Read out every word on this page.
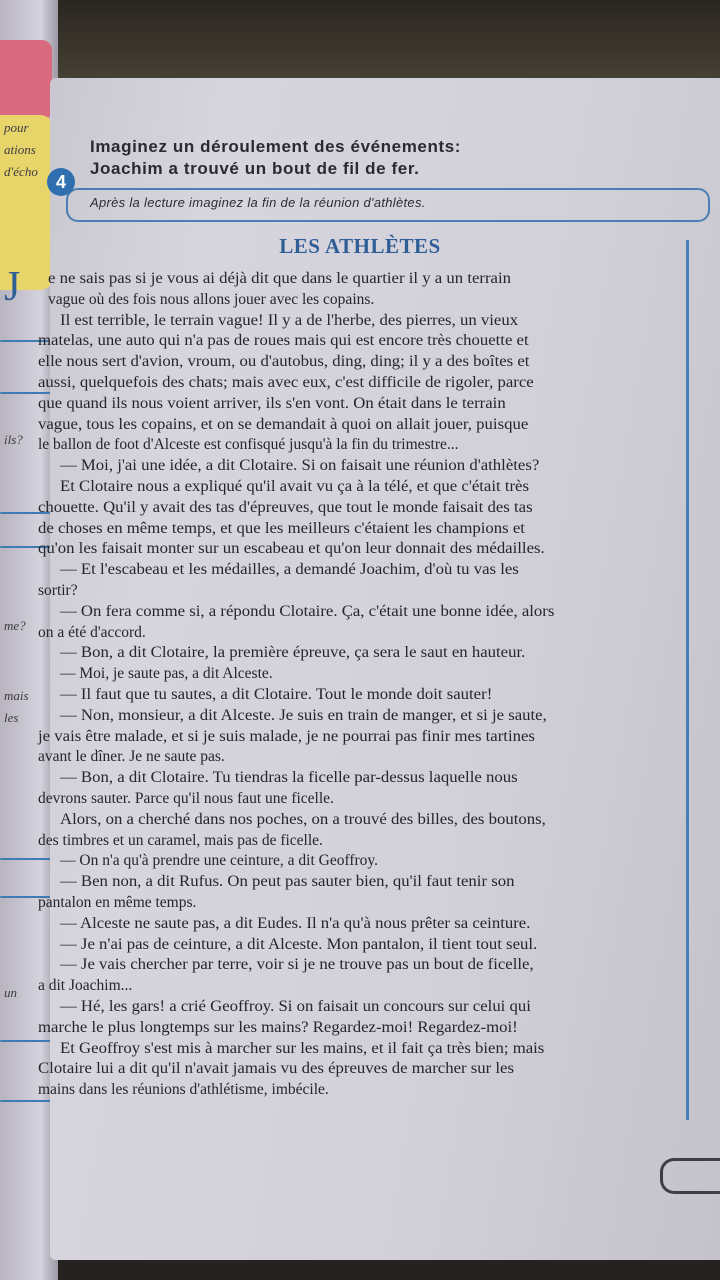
pour
ations
d'écho
ils?
me?
mais
les
un
4
Imaginez un déroulement des événements:
Joachim a trouvé un bout de fil de fer.
Après la lecture imaginez la fin de la réunion d'athlètes.
LES ATHLÈTES
J e ne sais pas si je vous ai déjà dit que dans le quartier il y a un terrain
vague où des fois nous allons jouer avec les copains.
Il est terrible, le terrain vague! Il y a de l'herbe, des pierres, un vieux
matelas, une auto qui n'a pas de roues mais qui est encore très chouette et
elle nous sert d'avion, vroum, ou d'autobus, ding, ding; il y a des boîtes et
aussi, quelquefois des chats; mais avec eux, c'est difficile de rigoler, parce
que quand ils nous voient arriver, ils s'en vont. On était dans le terrain
vague, tous les copains, et on se demandait à quoi on allait jouer, puisque
le ballon de foot d'Alceste est confisqué jusqu'à la fin du trimestre...
— Moi, j'ai une idée, a dit Clotaire. Si on faisait une réunion d'athlètes?
Et Clotaire nous a expliqué qu'il avait vu ça à la télé, et que c'était très
chouette. Qu'il y avait des tas d'épreuves, que tout le monde faisait des tas
de choses en même temps, et que les meilleurs c'étaient les champions et
qu'on les faisait monter sur un escabeau et qu'on leur donnait des médailles.
— Et l'escabeau et les médailles, a demandé Joachim, d'où tu vas les
sortir?
— On fera comme si, a répondu Clotaire. Ça, c'était une bonne idée, alors
on a été d'accord.
— Bon, a dit Clotaire, la première épreuve, ça sera le saut en hauteur.
— Moi, je saute pas, a dit Alceste.
— Il faut que tu sautes, a dit Clotaire. Tout le monde doit sauter!
— Non, monsieur, a dit Alceste. Je suis en train de manger, et si je saute,
je vais être malade, et si je suis malade, je ne pourrai pas finir mes tartines
avant le dîner. Je ne saute pas.
— Bon, a dit Clotaire. Tu tiendras la ficelle par-dessus laquelle nous
devrons sauter. Parce qu'il nous faut une ficelle.
Alors, on a cherché dans nos poches, on a trouvé des billes, des boutons,
des timbres et un caramel, mais pas de ficelle.
— On n'a qu'à prendre une ceinture, a dit Geoffroy.
— Ben non, a dit Rufus. On peut pas sauter bien, qu'il faut tenir son
pantalon en même temps.
— Alceste ne saute pas, a dit Eudes. Il n'a qu'à nous prêter sa ceinture.
— Je n'ai pas de ceinture, a dit Alceste. Mon pantalon, il tient tout seul.
— Je vais chercher par terre, voir si je ne trouve pas un bout de ficelle,
a dit Joachim...
— Hé, les gars! a crié Geoffroy. Si on faisait un concours sur celui qui
marche le plus longtemps sur les mains? Regardez-moi! Regardez-moi!
Et Geoffroy s'est mis à marcher sur les mains, et il fait ça très bien; mais
Clotaire lui a dit qu'il n'avait jamais vu des épreuves de marcher sur les
mains dans les réunions d'athlétisme, imbécile.
